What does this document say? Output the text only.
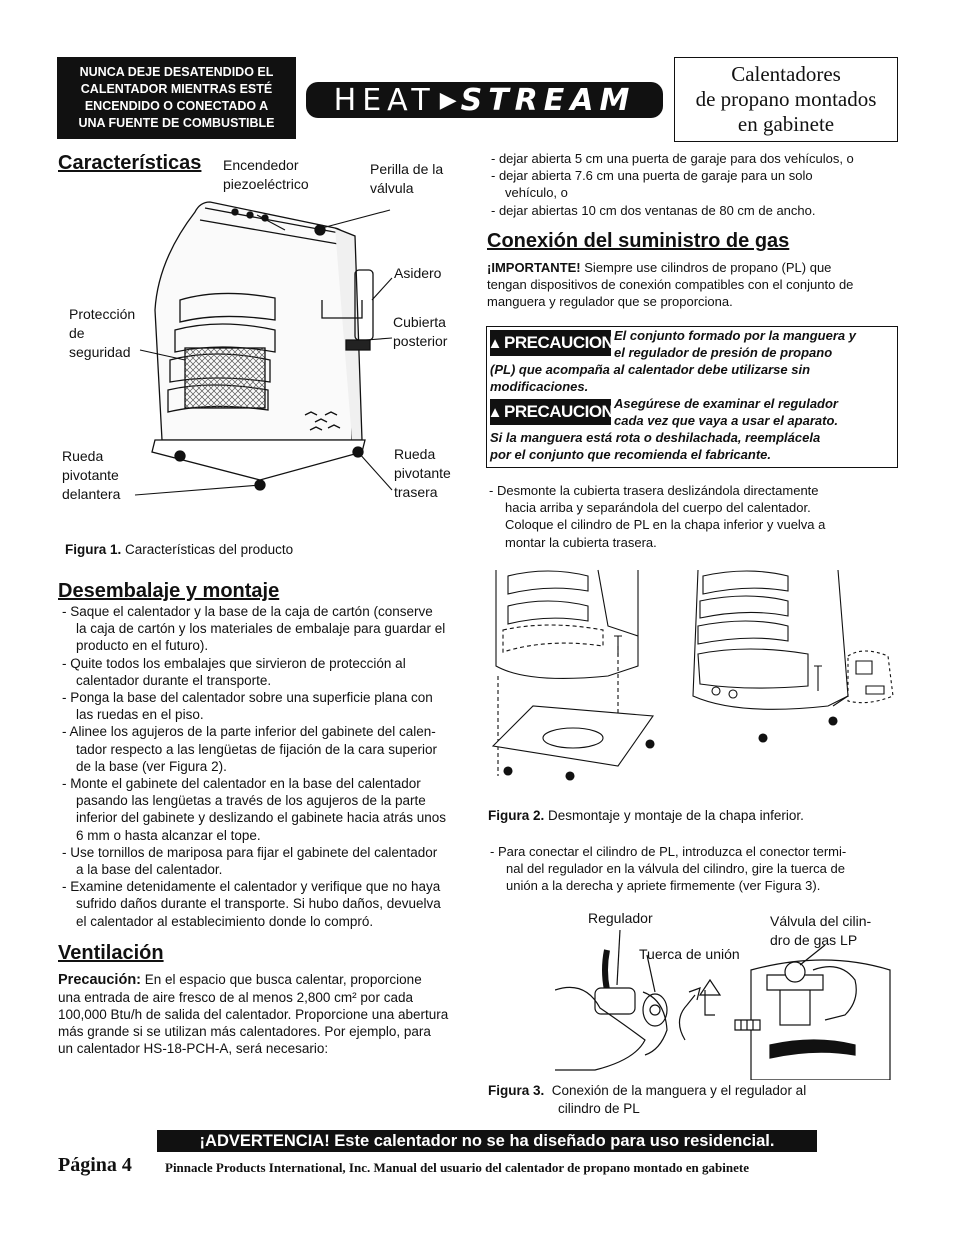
NUNCA DEJE DESATENDIDO EL
CALENTADOR MIENTRAS ESTÉ
ENCENDIDO O CONECTADO A
UNA FUENTE DE COMBUSTIBLE
HEAT ▶ STREAM
Calentadores
de propano montados
en gabinete
Características Encendedor
piezoeléctrico
Perilla de la
válvula
Asidero
Protección
de
seguridad
Cubierta
posterior
Rueda
pivotante
delantera
Rueda
pivotante
trasera
Figura 1. Características del producto
Desembalaje y montaje
- Saque el calentador y la base de la caja de cartón (conserve
la caja de cartón y los materiales de embalaje para guardar el
producto en el futuro).
- Quite todos los embalajes que sirvieron de protección al
calentador durante el transporte.
- Ponga la base del calentador sobre una superficie plana con
las ruedas en el piso.
- Alinee los agujeros de la parte inferior del gabinete del calen-
tador respecto a las lengüetas de fijación de la cara superior
de la base (ver Figura 2).
- Monte el gabinete del calentador en la base del calentador
pasando las lengüetas a través de los agujeros de la parte
inferior del gabinete y deslizando el gabinete hacia atrás unos
6 mm o hasta alcanzar el tope.
- Use tornillos de mariposa para fijar el gabinete del calentador
a la base del calentador.
- Examine detenidamente el calentador y verifique que no haya
sufrido daños durante el transporte. Si hubo daños, devuelva
el calentador al establecimiento donde lo compró.
Ventilación
Precaución: En el espacio que busca calentar, proporcione
una entrada de aire fresco de al menos 2,800 cm² por cada
100,000 Btu/h de salida del calentador. Proporcione una abertura
más grande si se utilizan más calentadores. Por ejemplo, para
un calentador HS-18-PCH-A, será necesario:
- dejar abierta 5 cm una puerta de garaje para dos vehículos, o
- dejar abierta 7.6 cm una puerta de garaje para un solo
vehículo, o
- dejar abiertas 10 cm dos ventanas de 80 cm de ancho.
Conexión del suministro de gas
¡IMPORTANTE! Siempre use cilindros de propano (PL) que
tengan dispositivos de conexión compatibles con el conjunto de
manguera y regulador que se proporciona.
▲ PRECAUCION El conjunto formado por la manguera y
el regulador de presión de propano
(PL) que acompaña al calentador debe utilizarse sin
modificaciones.
▲ PRECAUCION Asegúrese de examinar el regulador
cada vez que vaya a usar el aparato.
Si la manguera está rota o deshilachada, reemplácela
por el conjunto que recomienda el fabricante.
- Desmonte la cubierta trasera deslizándola directamente
hacia arriba y separándola del cuerpo del calentador.
Coloque el cilindro de PL en la chapa inferior y vuelva a
montar la cubierta trasera.
Figura 2. Desmontaje y montaje de la chapa inferior.
- Para conectar el cilindro de PL, introduzca el conector termi-
nal del regulador en la válvula del cilindro, gire la tuerca de
unión a la derecha y apriete firmemente (ver Figura 3).
Regulador
Tuerca de unión
Válvula del cilin-
dro de gas LP
Figura 3. Conexión de la manguera y el regulador al
cilindro de PL
¡ADVERTENCIA! Este calentador no se ha diseñado para uso residencial.
Página 4	Pinnacle Products International, Inc. Manual del usuario del calentador de propano montado en gabinete
